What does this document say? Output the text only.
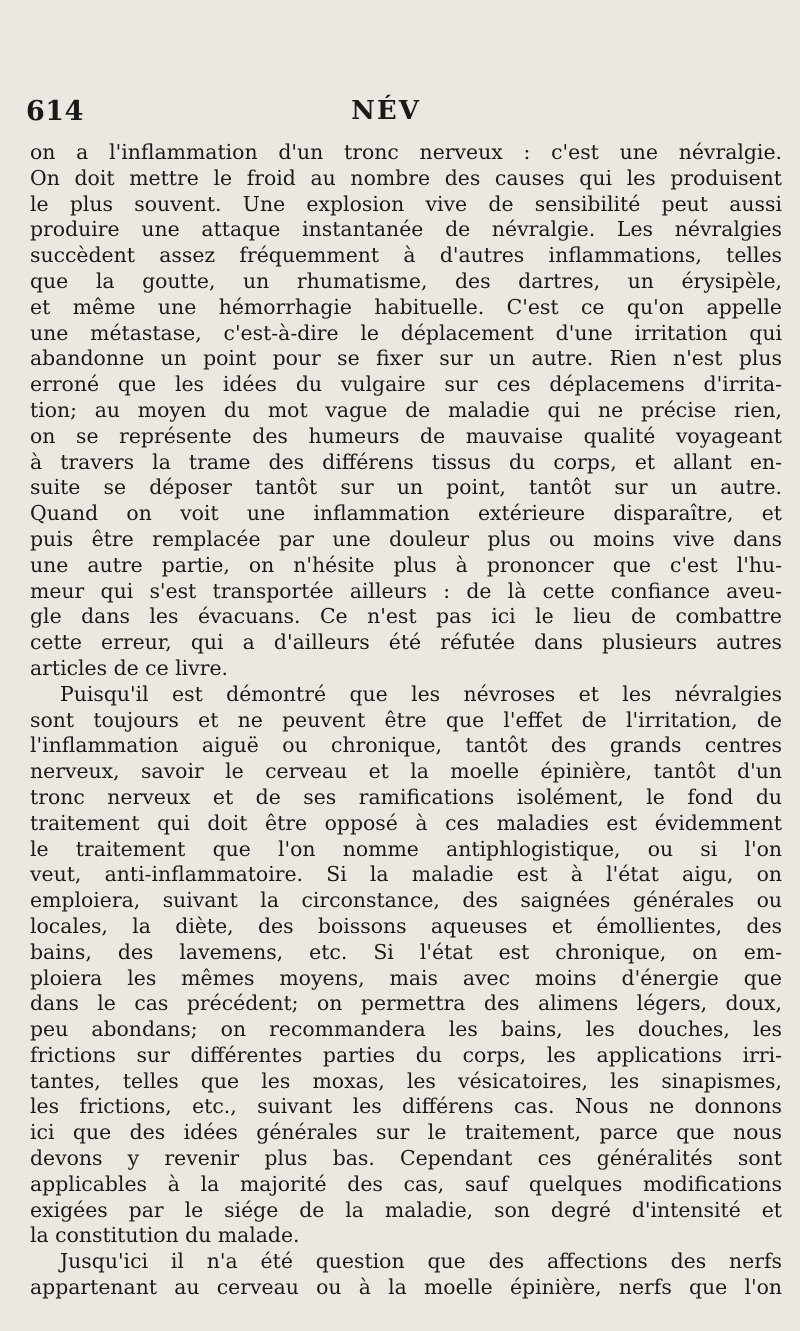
614	NÉV
on a l'inflammation d'un tronc nerveux : c'est une névralgie.
On doit mettre le froid au nombre des causes qui les produisent
le plus souvent. Une explosion vive de sensibilité peut aussi
produire une attaque instantanée de névralgie. Les névralgies
succèdent assez fréquemment à d'autres inflammations, telles
que la goutte, un rhumatisme, des dartres, un érysipèle,
et même une hémorrhagie habituelle. C'est ce qu'on appelle
une métastase, c'est-à-dire le déplacement d'une irritation qui
abandonne un point pour se fixer sur un autre. Rien n'est plus
erroné que les idées du vulgaire sur ces déplacemens d'irrita-
tion; au moyen du mot vague de maladie qui ne précise rien,
on se représente des humeurs de mauvaise qualité voyageant
à travers la trame des différens tissus du corps, et allant en-
suite se déposer tantôt sur un point, tantôt sur un autre.
Quand on voit une inflammation extérieure disparaître, et
puis être remplacée par une douleur plus ou moins vive dans
une autre partie, on n'hésite plus à prononcer que c'est l'hu-
meur qui s'est transportée ailleurs : de là cette confiance aveu-
gle dans les évacuans. Ce n'est pas ici le lieu de combattre
cette erreur, qui a d'ailleurs été réfutée dans plusieurs autres
articles de ce livre.
Puisqu'il est démontré que les névroses et les névralgies
sont toujours et ne peuvent être que l'effet de l'irritation, de
l'inflammation aiguë ou chronique, tantôt des grands centres
nerveux, savoir le cerveau et la moelle épinière, tantôt d'un
tronc nerveux et de ses ramifications isolément, le fond du
traitement qui doit être opposé à ces maladies est évidemment
le traitement que l'on nomme antiphlogistique, ou si l'on
veut, anti-inflammatoire. Si la maladie est à l'état aigu, on
emploiera, suivant la circonstance, des saignées générales ou
locales, la diète, des boissons aqueuses et émollientes, des
bains, des lavemens, etc. Si l'état est chronique, on em-
ploiera les mêmes moyens, mais avec moins d'énergie que
dans le cas précédent; on permettra des alimens légers, doux,
peu abondans; on recommandera les bains, les douches, les
frictions sur différentes parties du corps, les applications irri-
tantes, telles que les moxas, les vésicatoires, les sinapismes,
les frictions, etc., suivant les différens cas. Nous ne donnons
ici que des idées générales sur le traitement, parce que nous
devons y revenir plus bas. Cependant ces généralités sont
applicables à la majorité des cas, sauf quelques modifications
exigées par le siége de la maladie, son degré d'intensité et
la constitution du malade.
Jusqu'ici il n'a été question que des affections des nerfs
appartenant au cerveau ou à la moelle épinière, nerfs que l'on
